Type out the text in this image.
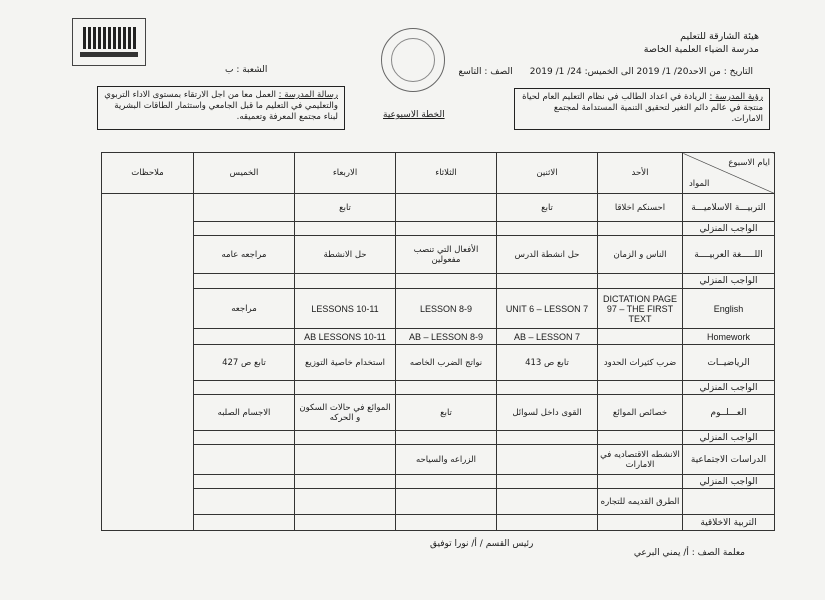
هيئة الشارقة للتعليم
مدرسة الضياء العلمية الخاصة
التاريخ : من الاحد20/ 1/ 2019 الى الخميس: 24/ 1/ 2019      الصف : التاسع
الشعبة : ب
رسالة المدرسة : العمل معا من اجل الارتقاء بمستوى الاداء التربوي والتعليمي في التعليم ما قبل الجامعي واستثمار الطاقات البشرية لبناء مجتمع المعرفة وتعميقه.
رؤية المدرسة : الريادة في اعداد الطالب في نظام التعليم العام لحياة منتجة في عالم دائم التغير لتحقيق التنمية المستدامة لمجتمع الامارات.
الخطة الاسبوعية
ملاحظات	الخميس	الاربعاء	الثلاثاء	الاثنين	الأحد	ايام الاسبوع
المواد

		تابع		تابع	احسنكم اخلاقا	التربيـــة الاسلاميـــة
						الواجب المنزلي
	مراجعه عامه	حل الانشطة	الأفعال التي تنصب مفعولين	حل انشطة الدرس	الناس و الزمان	اللـــــغة العربيــــة
						الواجب المنزلي
	مراجعه	LESSONS 10-11	LESSON 8-9	UNIT 6 – LESSON 7	DICTATION PAGE 97 – THE FIRST TEXT	English
		AB LESSONS 10-11	AB – LESSON 8-9	AB – LESSON 7		Homework
	تابع ص 427	استخدام خاصية التوزيع	نواتج الضرب الخاصه	تابع ص 413	ضرب كثيرات الحدود	الرياضيــات
						الواجب المنزلي
	الاجسام الصلبه	الموائع في حالات السكون و الحركه	تابع	القوى داخل لسوائل	خصائص الموائع	العـــلــوم
						الواجب المنزلي
			الزراعه والسياحه		الانشطه الاقتصاديه في الامارات	الدراسات الاجتماعية
						الواجب المنزلي
					الطرق القديمه للتجاره	
						التربية الاخلاقية
معلمة الصف : أ/ يمني البرعي
رئيس القسم / أ/ نورا توفيق
